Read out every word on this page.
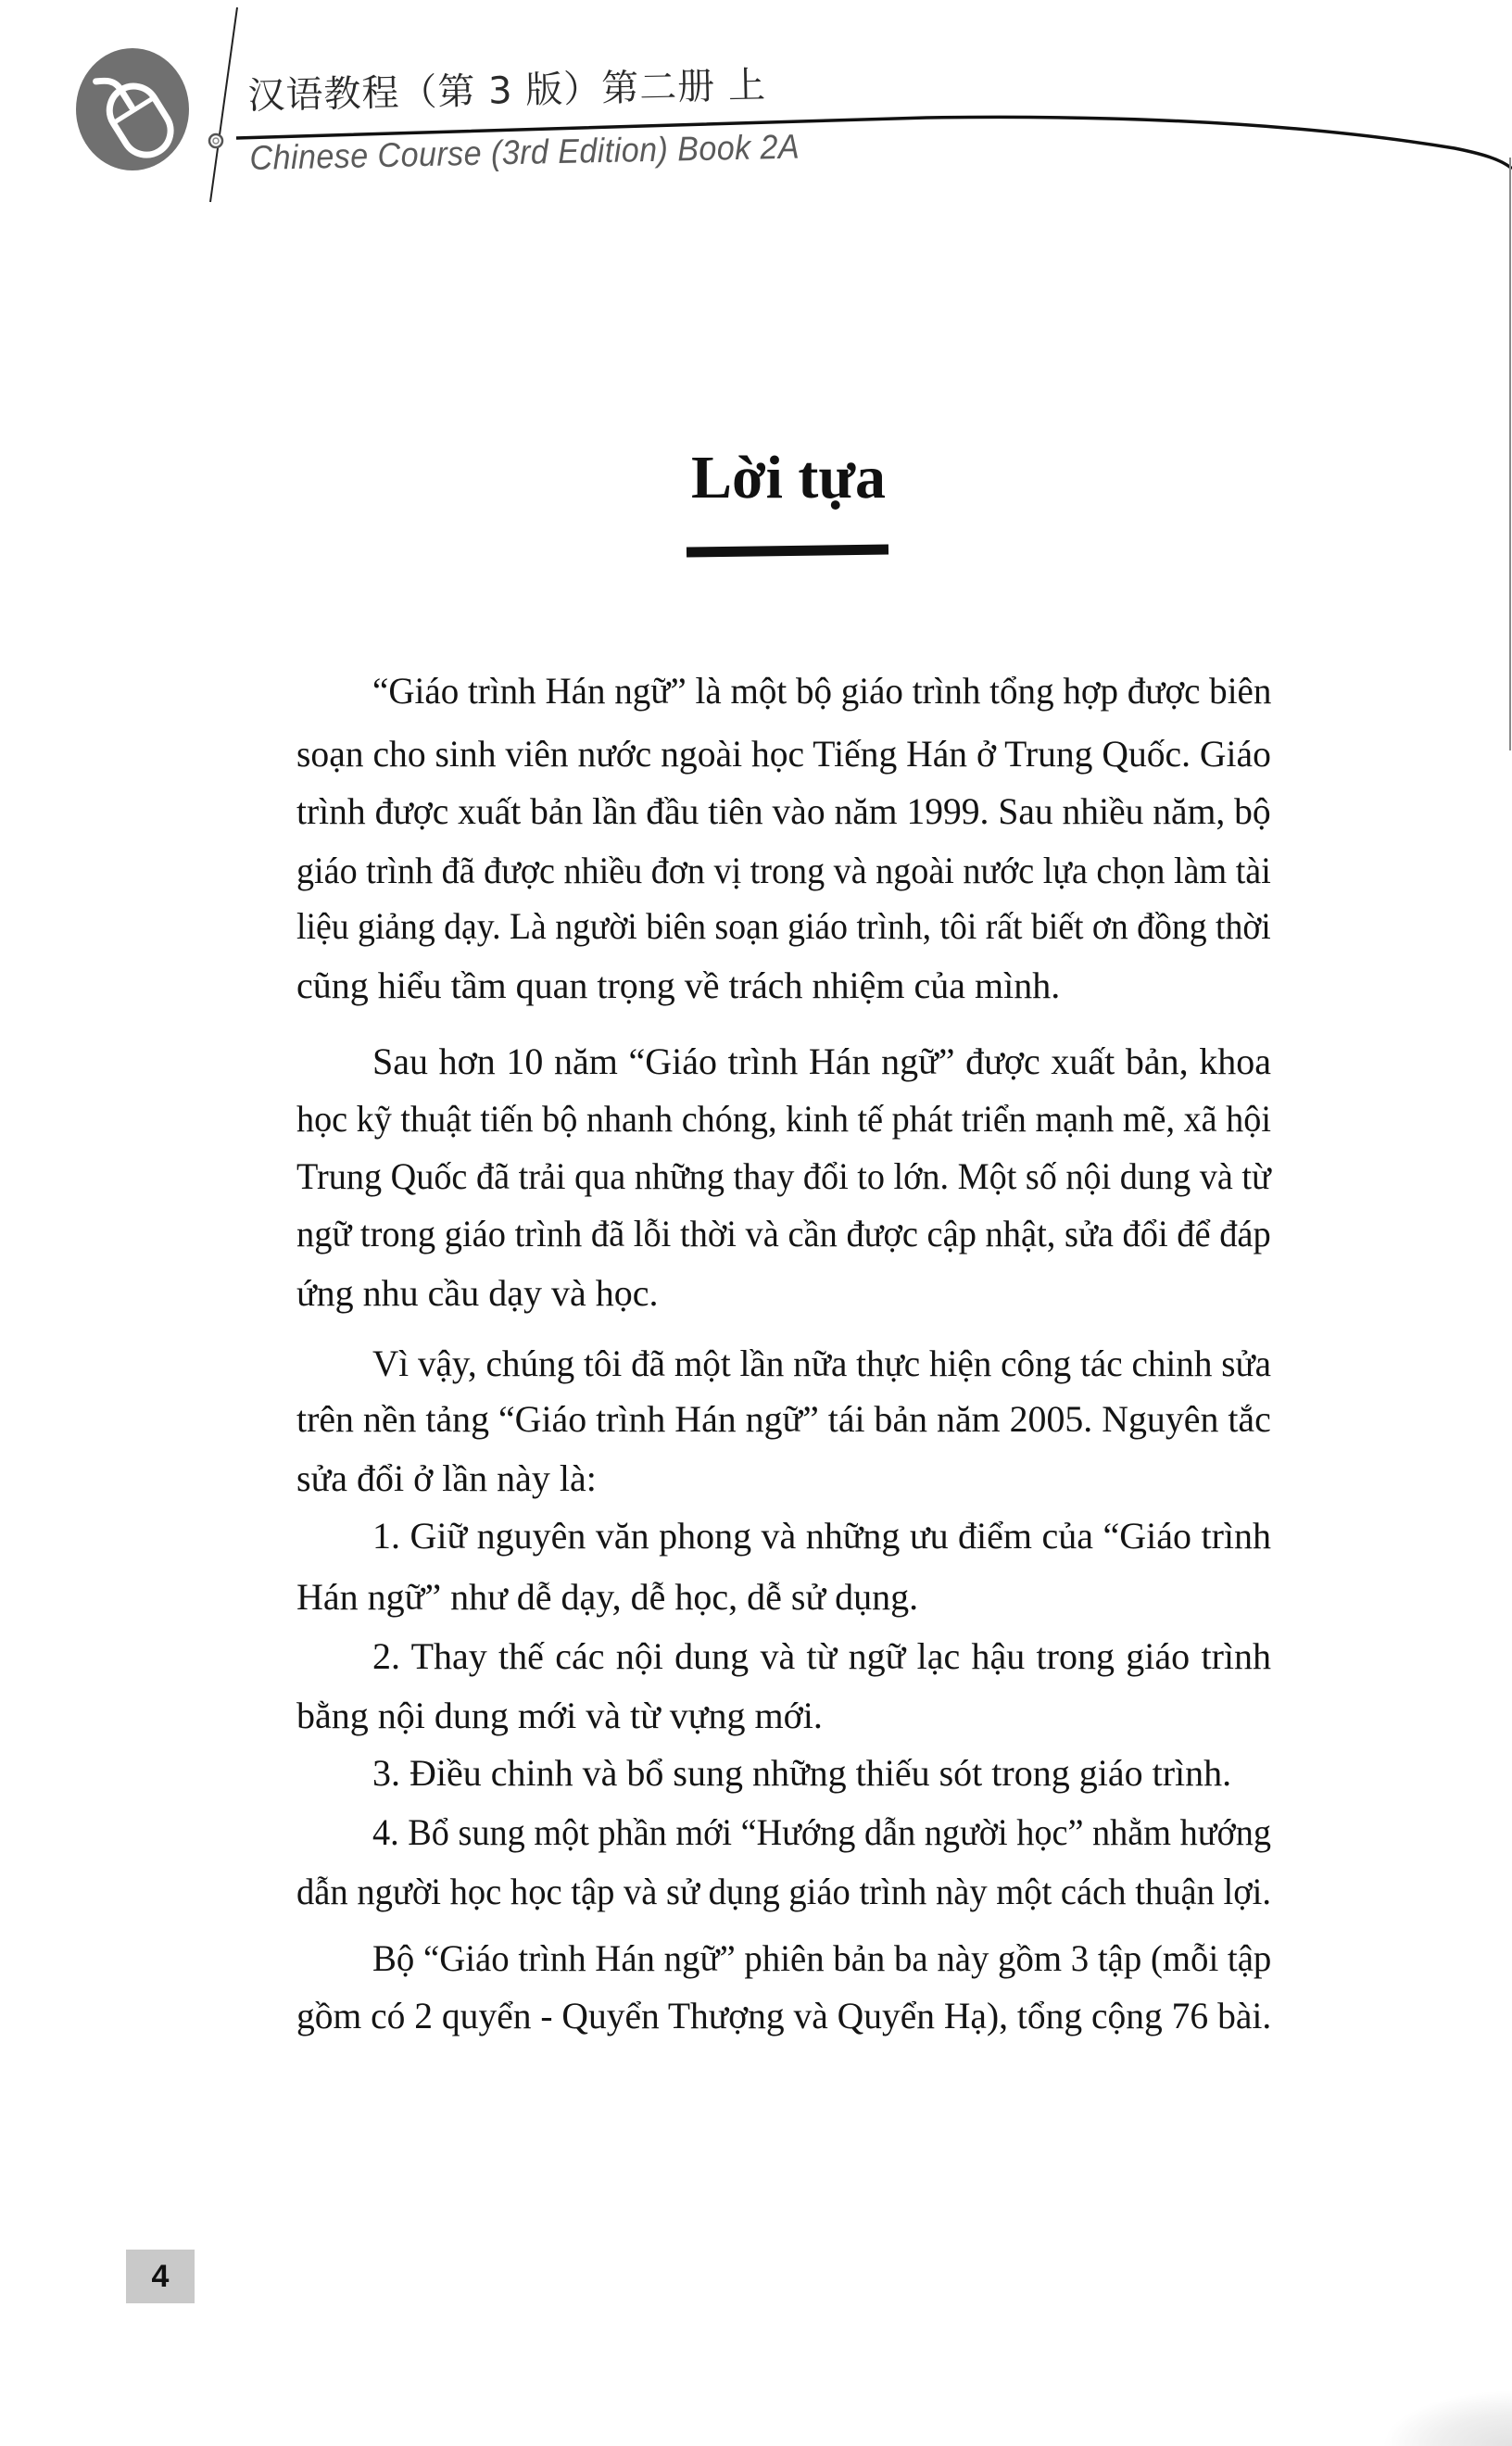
汉语教程（第 3 版）第二册 上
Chinese Course (3rd Edition) Book 2A
Lời tựa
“Giáo trình Hán ngữ” là một bộ giáo trình tổng hợp được biên
soạn cho sinh viên nước ngoài học Tiếng Hán ở Trung Quốc. Giáo
trình được xuất bản lần đầu tiên vào năm 1999. Sau nhiều năm, bộ
giáo trình đã được nhiều đơn vị trong và ngoài nước lựa chọn làm tài
liệu giảng dạy. Là người biên soạn giáo trình, tôi rất biết ơn đồng thời
cũng hiểu tầm quan trọng về trách nhiệm của mình.
Sau hơn 10 năm “Giáo trình Hán ngữ” được xuất bản, khoa
học kỹ thuật tiến bộ nhanh chóng, kinh tế phát triển mạnh mẽ, xã hội
Trung Quốc đã trải qua những thay đổi to lớn. Một số nội dung và từ
ngữ trong giáo trình đã lỗi thời và cần được cập nhật, sửa đổi để đáp
ứng nhu cầu dạy và học.
Vì vậy, chúng tôi đã một lần nữa thực hiện công tác chinh sửa
trên nền tảng “Giáo trình Hán ngữ” tái bản năm 2005. Nguyên tắc
sửa đổi ở lần này là:
1. Giữ nguyên văn phong và những ưu điểm của “Giáo trình
Hán ngữ” như dễ dạy, dễ học, dễ sử dụng.
2. Thay thế các nội dung và từ ngữ lạc hậu trong giáo trình
bằng nội dung mới và từ vựng mới.
3. Điều chinh và bổ sung những thiếu sót trong giáo trình.
4. Bổ sung một phần mới “Hướng dẫn người học” nhằm hướng
dẫn người học học tập và sử dụng giáo trình này một cách thuận lợi.
Bộ “Giáo trình Hán ngữ” phiên bản ba này gồm 3 tập (mỗi tập
gồm có 2 quyển - Quyển Thượng và Quyển Hạ), tổng cộng 76 bài.
4
